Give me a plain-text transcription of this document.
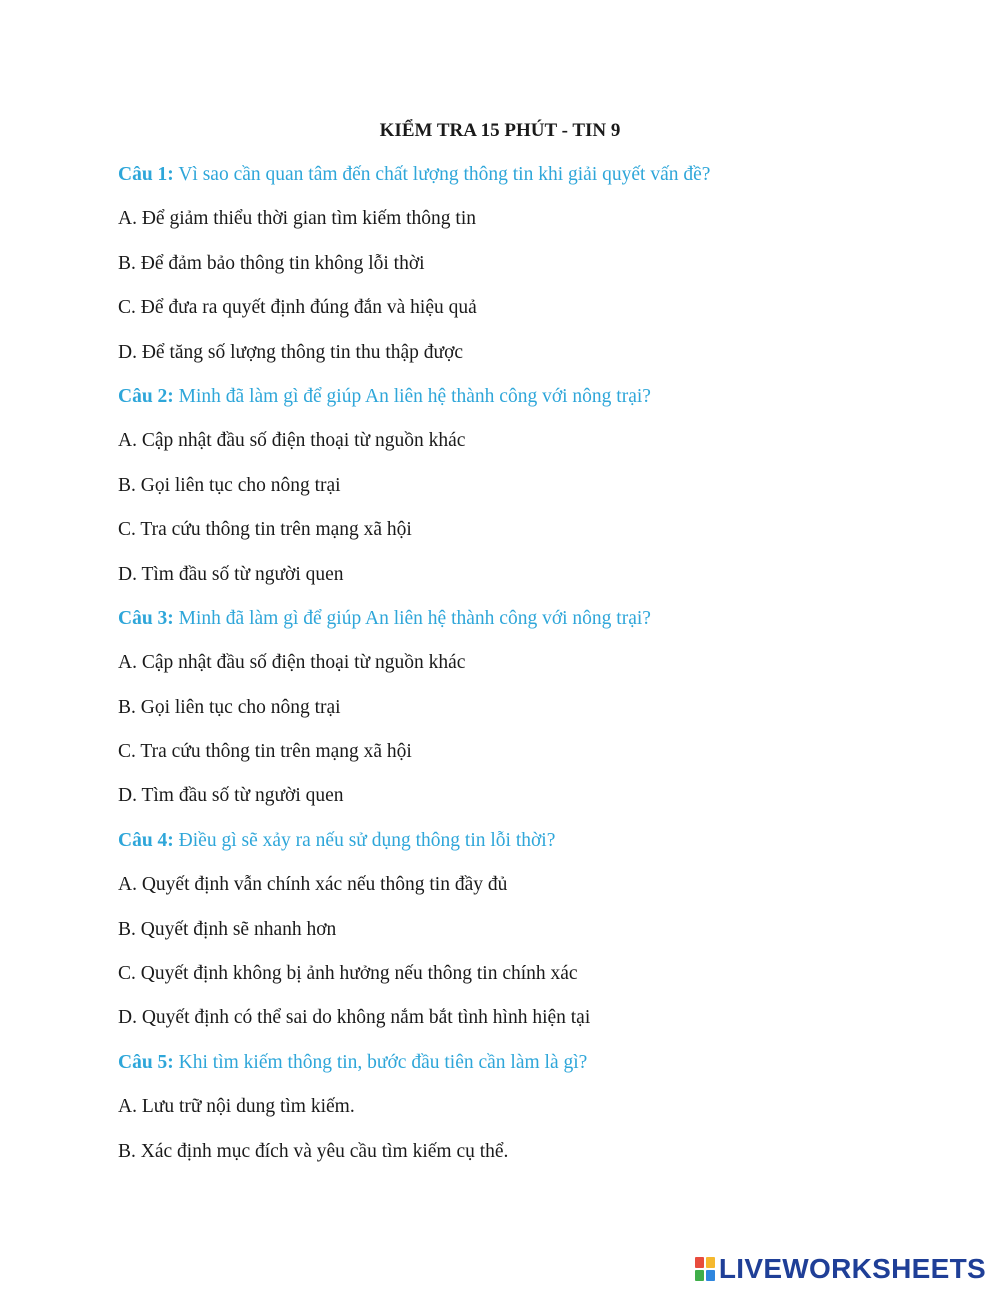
KIỂM TRA 15 PHÚT - TIN 9
Câu 1: Vì sao cần quan tâm đến chất lượng thông tin khi giải quyết vấn đề?
A. Để giảm thiểu thời gian tìm kiếm thông tin
B. Để đảm bảo thông tin không lỗi thời
C. Để đưa ra quyết định đúng đắn và hiệu quả
D. Để tăng số lượng thông tin thu thập được
Câu 2: Minh đã làm gì để giúp An liên hệ thành công với nông trại?
A. Cập nhật đầu số điện thoại từ nguồn khác
B. Gọi liên tục cho nông trại
C. Tra cứu thông tin trên mạng xã hội
D. Tìm đầu số từ người quen
Câu 3: Minh đã làm gì để giúp An liên hệ thành công với nông trại?
A. Cập nhật đầu số điện thoại từ nguồn khác
B. Gọi liên tục cho nông trại
C. Tra cứu thông tin trên mạng xã hội
D. Tìm đầu số từ người quen
Câu 4: Điều gì sẽ xảy ra nếu sử dụng thông tin lỗi thời?
A. Quyết định vẫn chính xác nếu thông tin đầy đủ
B. Quyết định sẽ nhanh hơn
C. Quyết định không bị ảnh hưởng nếu thông tin chính xác
D. Quyết định có thể sai do không nắm bắt tình hình hiện tại
Câu 5: Khi tìm kiếm thông tin, bước đầu tiên cần làm là gì?
A. Lưu trữ nội dung tìm kiếm.
B. Xác định mục đích và yêu cầu tìm kiếm cụ thể.
LIVEWORKSHEETS
